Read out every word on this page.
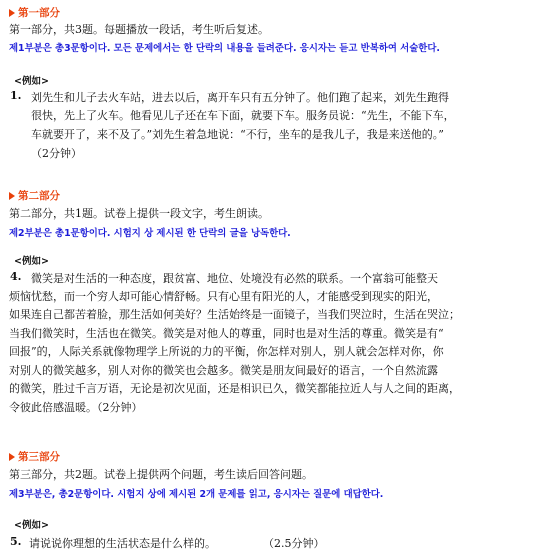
第一部分
第一部分，共3题。每题播放一段话，考生听后复述。
제1부분은 총3문항이다. 모든 문제에서는 한 단락의 내용을 들려준다. 응시자는 듣고 반복하여 서술한다.
<例如>
1. 刘先生和儿子去火车站，进去以后，离开车只有五分钟了。他们跑了起来，刘先生跑得
很快，先上了火车。他看见儿子还在车下面，就要下车。服务员说：“先生，不能下车，
车就要开了，来不及了。”刘先生着急地说：“不行，坐车的是我儿子，我是来送他的。”
（2分钟）
第二部分
第二部分，共1题。试卷上提供一段文字，考生朗读。
제2부분은 총1문항이다. 시험지 상 제시된 한 단락의 글을 낭독한다.
<例如>
4. 微笑是对生活的一种态度，跟贫富、地位、处境没有必然的联系。一个富翁可能整天
烦恼忧愁，而一个穷人却可能心情舒畅。只有心里有阳光的人，才能感受到现实的阳光，
如果连自己都苦着脸，那生活如何美好？生活始终是一面镜子，当我们哭泣时，生活在哭泣；
当我们微笑时，生活也在微笑。微笑是对他人的尊重，同时也是对生活的尊重。微笑是有“
回报”的，人际关系就像物理学上所说的力的平衡，你怎样对别人，别人就会怎样对你，你
对别人的微笑越多，别人对你的微笑也会越多。微笑是朋友间最好的语言，一个自然流露
的微笑，胜过千言万语，无论是初次见面，还是相识已久，微笑都能拉近人与人之间的距离，
令彼此倍感温暖。（2分钟）
第三部分
第三部分，共2题。试卷上提供两个问题，考生读后回答问题。
제3부분은, 총2문항이다. 시험지 상에 제시된 2개 문제를 읽고, 응시자는 질문에 대답한다.
<例如>
5. 请说说你理想的生活状态是什么样的。	（2.5分钟）
